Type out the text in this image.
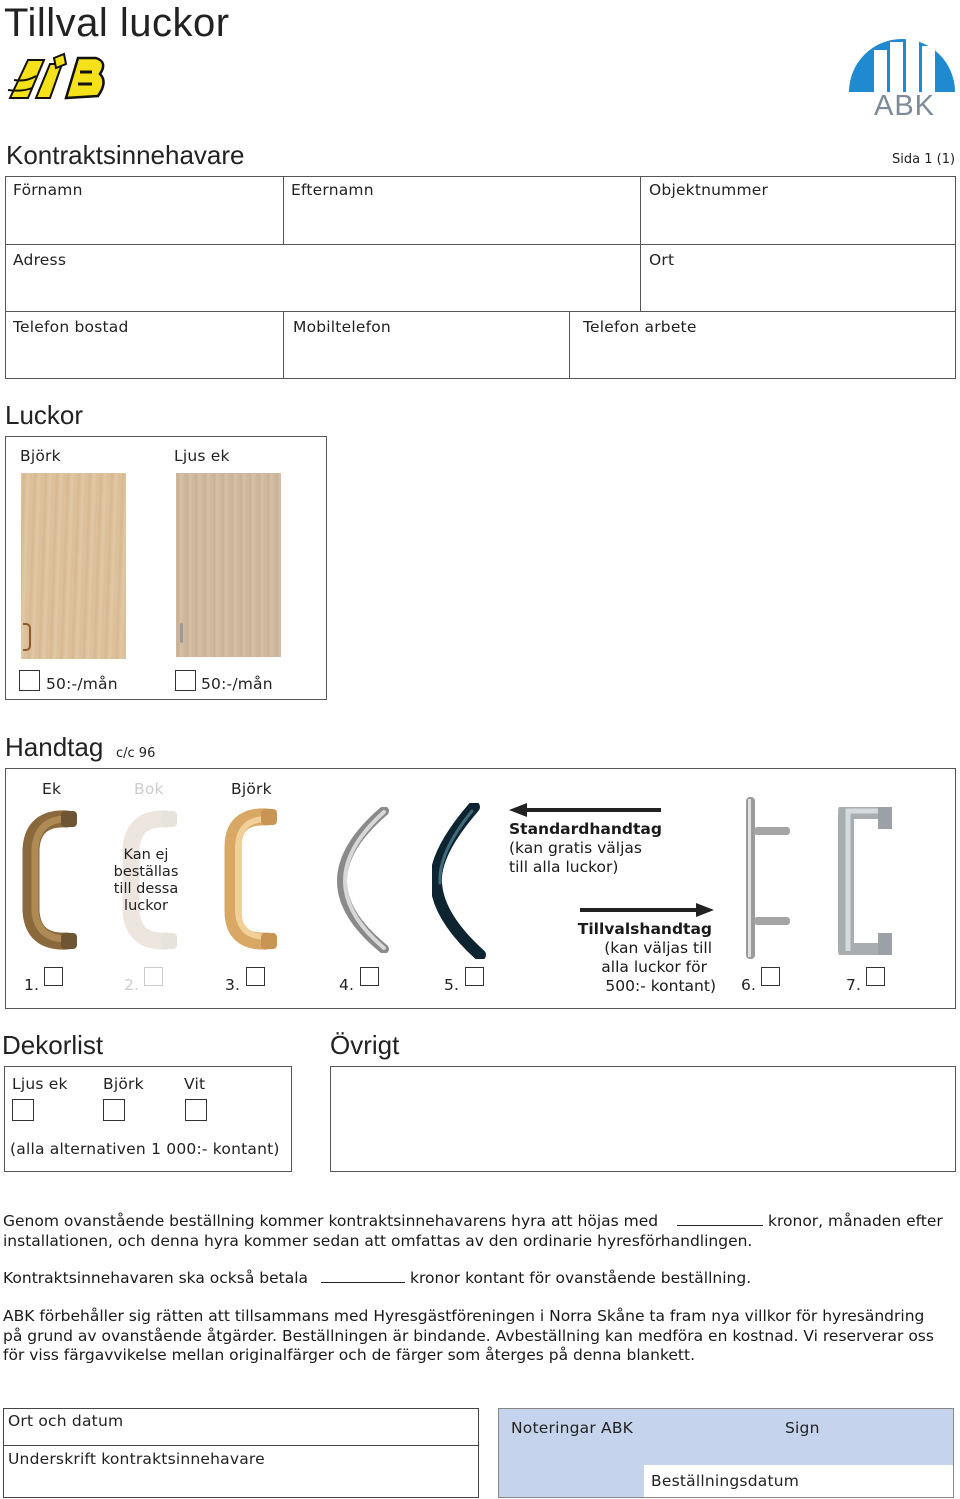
Tillval luckor
ABK
Kontraktsinnehavare	Sida 1 (1)
Förnamn	Efternamn	Objektnummer
Adress	Ort
Telefon bostad	Mobiltelefon	Telefon arbete
Luckor
Björk	Ljus ek
50:-/mån	50:-/mån
Handtag c/c 96
Ek	Bok	Björk
Kan ej
beställas
till dessa
luckor
Standardhandtag
(kan gratis väljas
till alla luckor)
Tillvalshandtag
(kan väljas till
alla luckor för
500:- kontant)
1.	2.	3.	4.	5.	6.	7.
Dekorlist
Ljus ek Björk	Vit
(alla alternativen 1 000:- kontant)
Övrigt
Genom ovanstående beställning kommer kontraktsinnehavarens hyra att höjas med	kronor, månaden efter
installationen, och denna hyra kommer sedan att omfattas av den ordinarie hyresförhandlingen.
Kontraktsinnehavaren ska också betala	kronor kontant för ovanstående beställning.
ABK förbehåller sig rätten att tillsammans med Hyresgästföreningen i Norra Skåne ta fram nya villkor för hyresändring
på grund av ovanstående åtgärder. Beställningen är bindande. Avbeställning kan medföra en kostnad. Vi reserverar oss
för viss färgavvikelse mellan originalfärger och de färger som återges på denna blankett.
Ort och datum
Underskrift kontraktsinnehavare
Noteringar ABK	Sign
Beställningsdatum
